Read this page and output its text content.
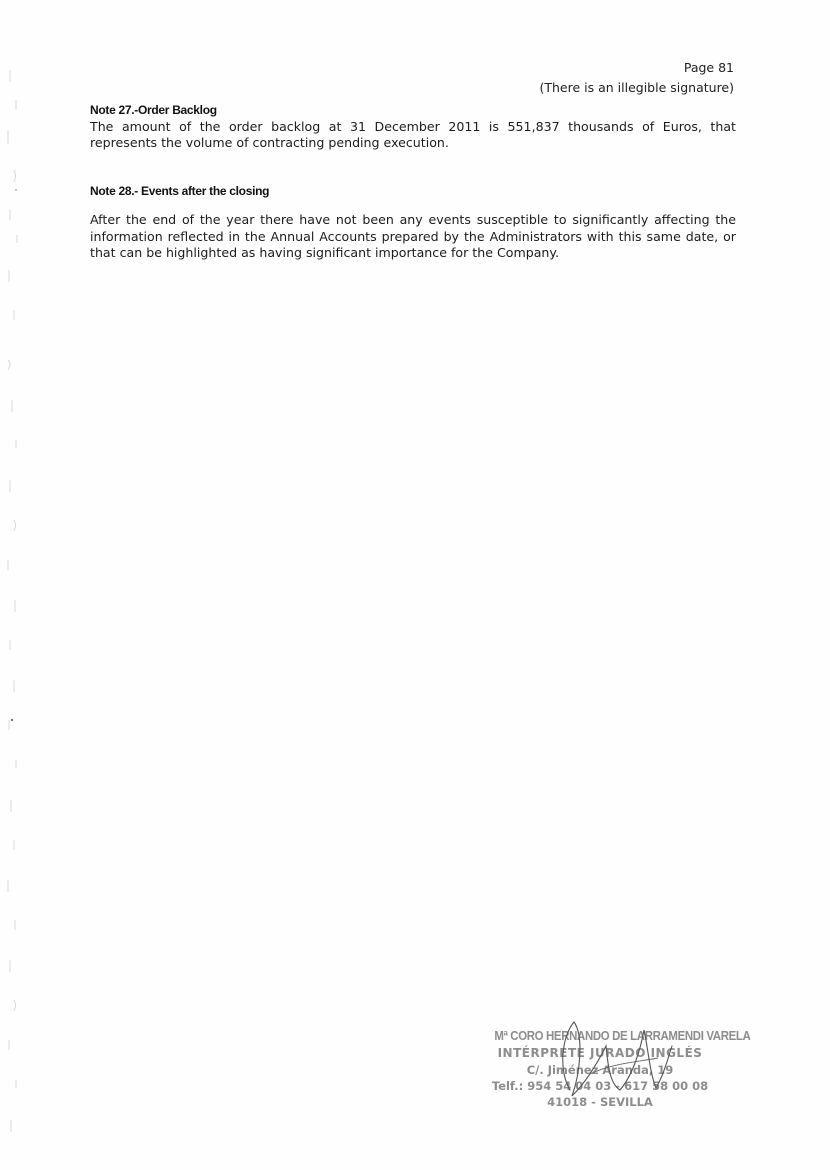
Page 81
(There is an illegible signature)
Note 27.-Order Backlog

The amount of the order backlog at 31 December 2011 is 551,837 thousands of Euros, that represents the volume of contracting pending execution.

Note 28.- Events after the closing

After the end of the year there have not been any events susceptible to significantly affecting the information reflected in the Annual Accounts prepared by the Administrators with this same date, or that can be highlighted as having significant importance for the Company.

Mª CORO HERNANDO DE LARRAMENDI VARELA
INTÉRPRETE JURADO INGLÉS
C/. Jiménez Aranda, 19
Telf.: 954 54 04 03 - 617 58 00 08
41018 - SEVILLA
